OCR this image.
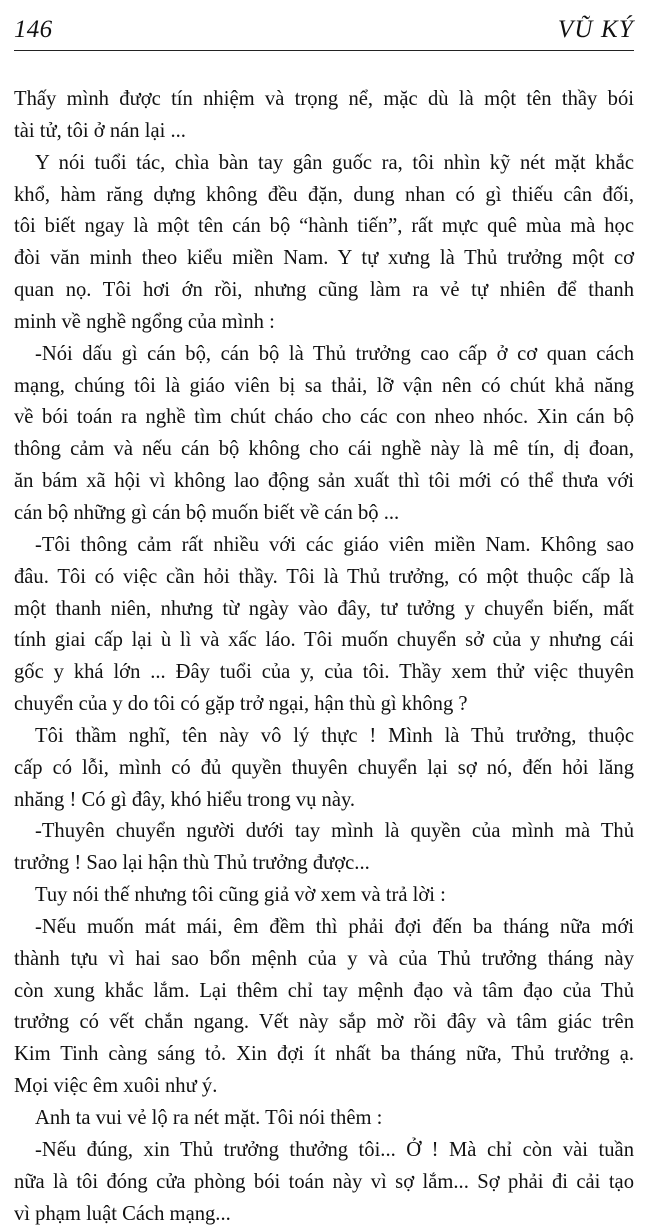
146	VŨ KÝ

Thấy mình được tín nhiệm và trọng nể, mặc dù là một tên thầy bói

tài tử, tôi ở nán lại ...

Y nói tuổi tác, chìa bàn tay gân guốc ra, tôi nhìn kỹ nét mặt khắc

khổ, hàm răng dựng không đều đặn, dung nhan có gì thiếu cân đối,

tôi biết ngay là một tên cán bộ “hành tiến”, rất mực quê mùa mà học

đòi văn minh theo kiểu miền Nam. Y tự xưng là Thủ trưởng một cơ

quan nọ. Tôi hơi ớn rồi, nhưng cũng làm ra vẻ tự nhiên để thanh

minh về nghề ngổng của mình :

-Nói dấu gì cán bộ, cán bộ là Thủ trưởng cao cấp ở cơ quan cách

mạng, chúng tôi là giáo viên bị sa thải, lỡ vận nên có chút khả năng

về bói toán ra nghề tìm chút cháo cho các con nheo nhóc. Xin cán bộ

thông cảm và nếu cán bộ không cho cái nghề này là mê tín, dị đoan,

ăn bám xã hội vì không lao động sản xuất thì tôi mới có thể thưa với

cán bộ những gì cán bộ muốn biết về cán bộ ...

-Tôi thông cảm rất nhiều với các giáo viên miền Nam. Không sao

đâu. Tôi có việc cần hỏi thầy. Tôi là Thủ trưởng, có một thuộc cấp là

một thanh niên, nhưng từ ngày vào đây, tư tưởng y chuyển biến, mất

tính giai cấp lại ù lì và xấc láo. Tôi muốn chuyển sở của y nhưng cái

gốc y khá lớn ... Đây tuổi của y, của tôi. Thầy xem thử việc thuyên

chuyển của y do tôi có gặp trở ngại, hận thù gì không ?

Tôi thầm nghĩ, tên này vô lý thực ! Mình là Thủ trưởng, thuộc

cấp có lỗi, mình có đủ quyền thuyên chuyển lại sợ nó, đến hỏi lăng

nhăng ! Có gì đây, khó hiểu trong vụ này.

-Thuyên chuyển người dưới tay mình là quyền của mình mà Thủ

trưởng ! Sao lại hận thù Thủ trưởng được...

Tuy nói thế nhưng tôi cũng giả vờ xem và trả lời :

-Nếu muốn mát mái, êm đềm thì phải đợi đến ba tháng nữa mới

thành tựu vì hai sao bổn mệnh của y và của Thủ trưởng tháng này

còn xung khắc lắm. Lại thêm chỉ tay mệnh đạo và tâm đạo của Thủ

trưởng có vết chắn ngang. Vết này sắp mờ rồi đây và tâm giác trên

Kim Tinh càng sáng tỏ. Xin đợi ít nhất ba tháng nữa, Thủ trưởng ạ.

Mọi việc êm xuôi như ý.

Anh ta vui vẻ lộ ra nét mặt. Tôi nói thêm :

-Nếu đúng, xin Thủ trưởng thưởng tôi... Ở ! Mà chỉ còn vài tuần

nữa là tôi đóng cửa phòng bói toán này vì sợ lắm... Sợ phải đi cải tạo

vì phạm luật Cách mạng...
